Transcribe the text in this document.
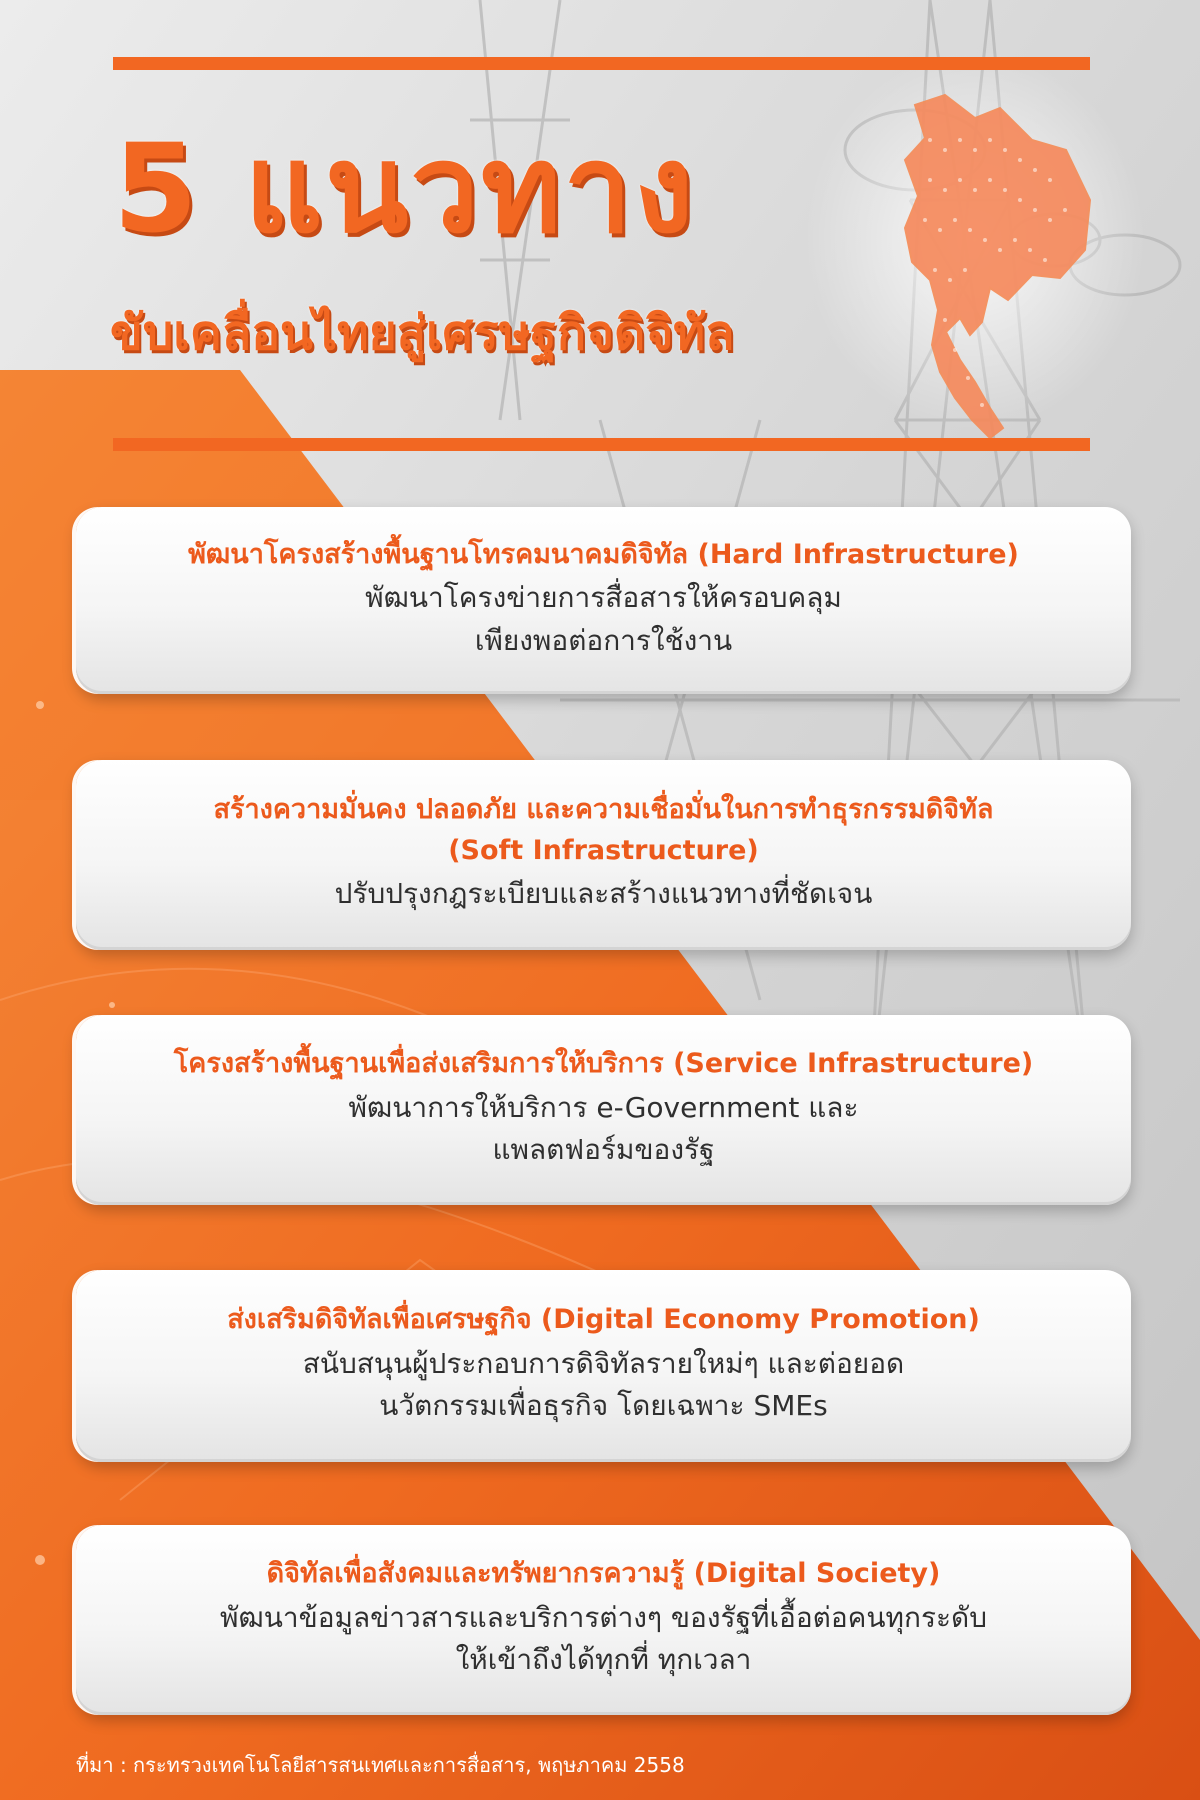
5 แนวทาง
ขับเคลื่อนไทยสู่เศรษฐกิจดิจิทัล
พัฒนาโครงสร้างพื้นฐานโทรคมนาคมดิจิทัล (Hard Infrastructure)
พัฒนาโครงข่ายการสื่อสารให้ครอบคลุม
เพียงพอต่อการใช้งาน
สร้างความมั่นคง ปลอดภัย และความเชื่อมั่นในการทำธุรกรรมดิจิทัล
(Soft Infrastructure)
ปรับปรุงกฎระเบียบและสร้างแนวทางที่ชัดเจน
โครงสร้างพื้นฐานเพื่อส่งเสริมการให้บริการ (Service Infrastructure)
พัฒนาการให้บริการ e-Government และ
แพลตฟอร์มของรัฐ
ส่งเสริมดิจิทัลเพื่อเศรษฐกิจ (Digital Economy Promotion)
สนับสนุนผู้ประกอบการดิจิทัลรายใหม่ๆ และต่อยอด
นวัตกรรมเพื่อธุรกิจ โดยเฉพาะ SMEs
ดิจิทัลเพื่อสังคมและทรัพยากรความรู้ (Digital Society)
พัฒนาข้อมูลข่าวสารและบริการต่างๆ ของรัฐที่เอื้อต่อคนทุกระดับ
ให้เข้าถึงได้ทุกที่ ทุกเวลา

ที่มา : กระทรวงเทคโนโลยีสารสนเทศและการสื่อสาร, พฤษภาคม 2558
